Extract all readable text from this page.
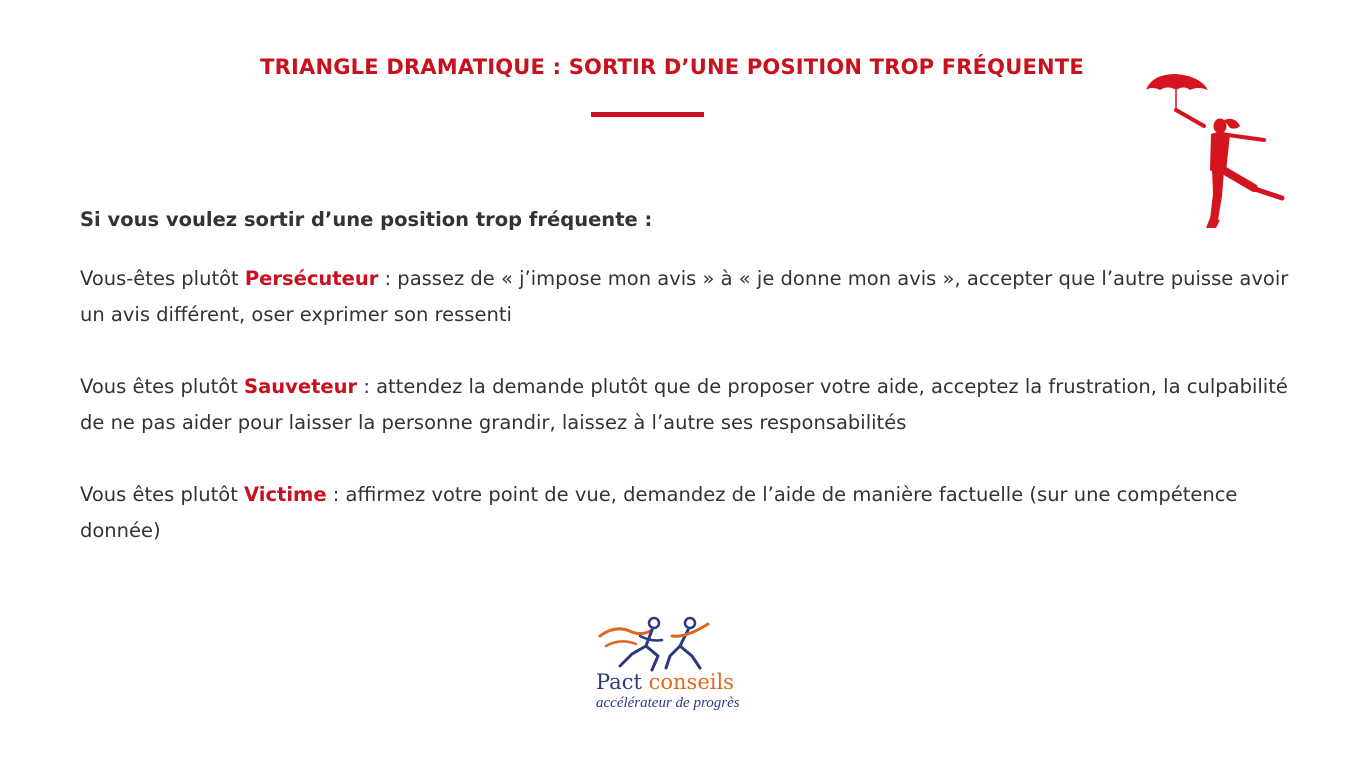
TRIANGLE DRAMATIQUE : SORTIR D’UNE POSITION TROP FRÉQUENTE

Si vous voulez sortir d’une position trop fréquente :

Vous-êtes plutôt Persécuteur : passez de « j’impose mon avis » à « je donne mon avis », accepter que l’autre puisse avoir un avis différent, oser exprimer son ressenti

Vous êtes plutôt Sauveteur : attendez la demande plutôt que de proposer votre aide, acceptez la frustration, la culpabilité de ne pas aider pour laisser la personne grandir, laissez à l’autre ses responsabilités

Vous êtes plutôt Victime : affirmez votre point de vue, demandez de l’aide de manière factuelle (sur une compétence donnée)

Pact conseils
accélérateur de progrès
